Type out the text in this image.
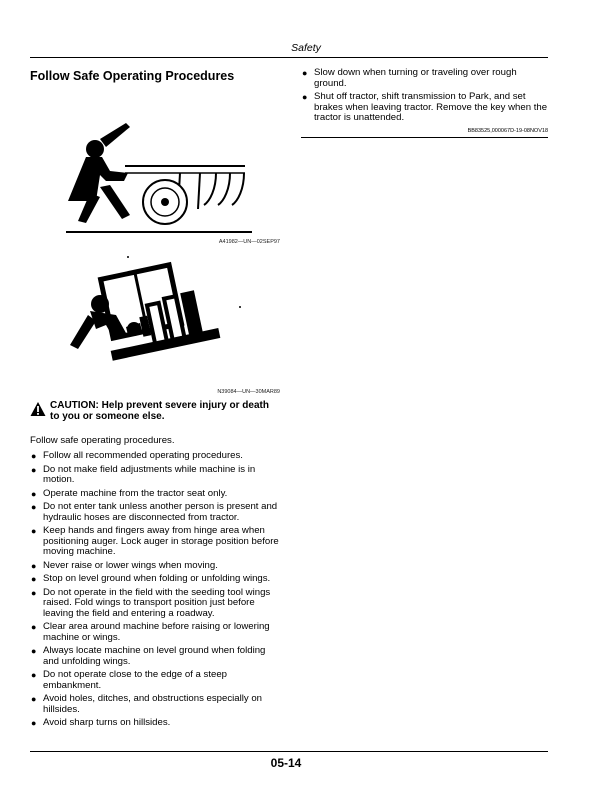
Safety
Follow Safe Operating Procedures
A41982—UN—02SEP97
N39084—UN—30MAR89
CAUTION: Help prevent severe injury or death to you or someone else.
Follow safe operating procedures.
● Follow all recommended operating procedures.
● Do not make field adjustments while machine is in motion.
● Operate machine from the tractor seat only.
● Do not enter tank unless another person is present and hydraulic hoses are disconnected from tractor.
● Keep hands and fingers away from hinge area when positioning auger. Lock auger in storage position before moving machine.
● Never raise or lower wings when moving.
● Stop on level ground when folding or unfolding wings.
● Do not operate in the field with the seeding tool wings raised. Fold wings to transport position just before leaving the field and entering a roadway.
● Clear area around machine before raising or lowering machine or wings.
● Always locate machine on level ground when folding and unfolding wings.
● Do not operate close to the edge of a steep embankment.
● Avoid holes, ditches, and obstructions especially on hillsides.
● Avoid sharp turns on hillsides.
● Slow down when turning or traveling over rough ground.
● Shut off tractor, shift transmission to Park, and set brakes when leaving tractor. Remove the key when the tractor is unattended.
BB83525,000067D-19-08NOV18
05-14
